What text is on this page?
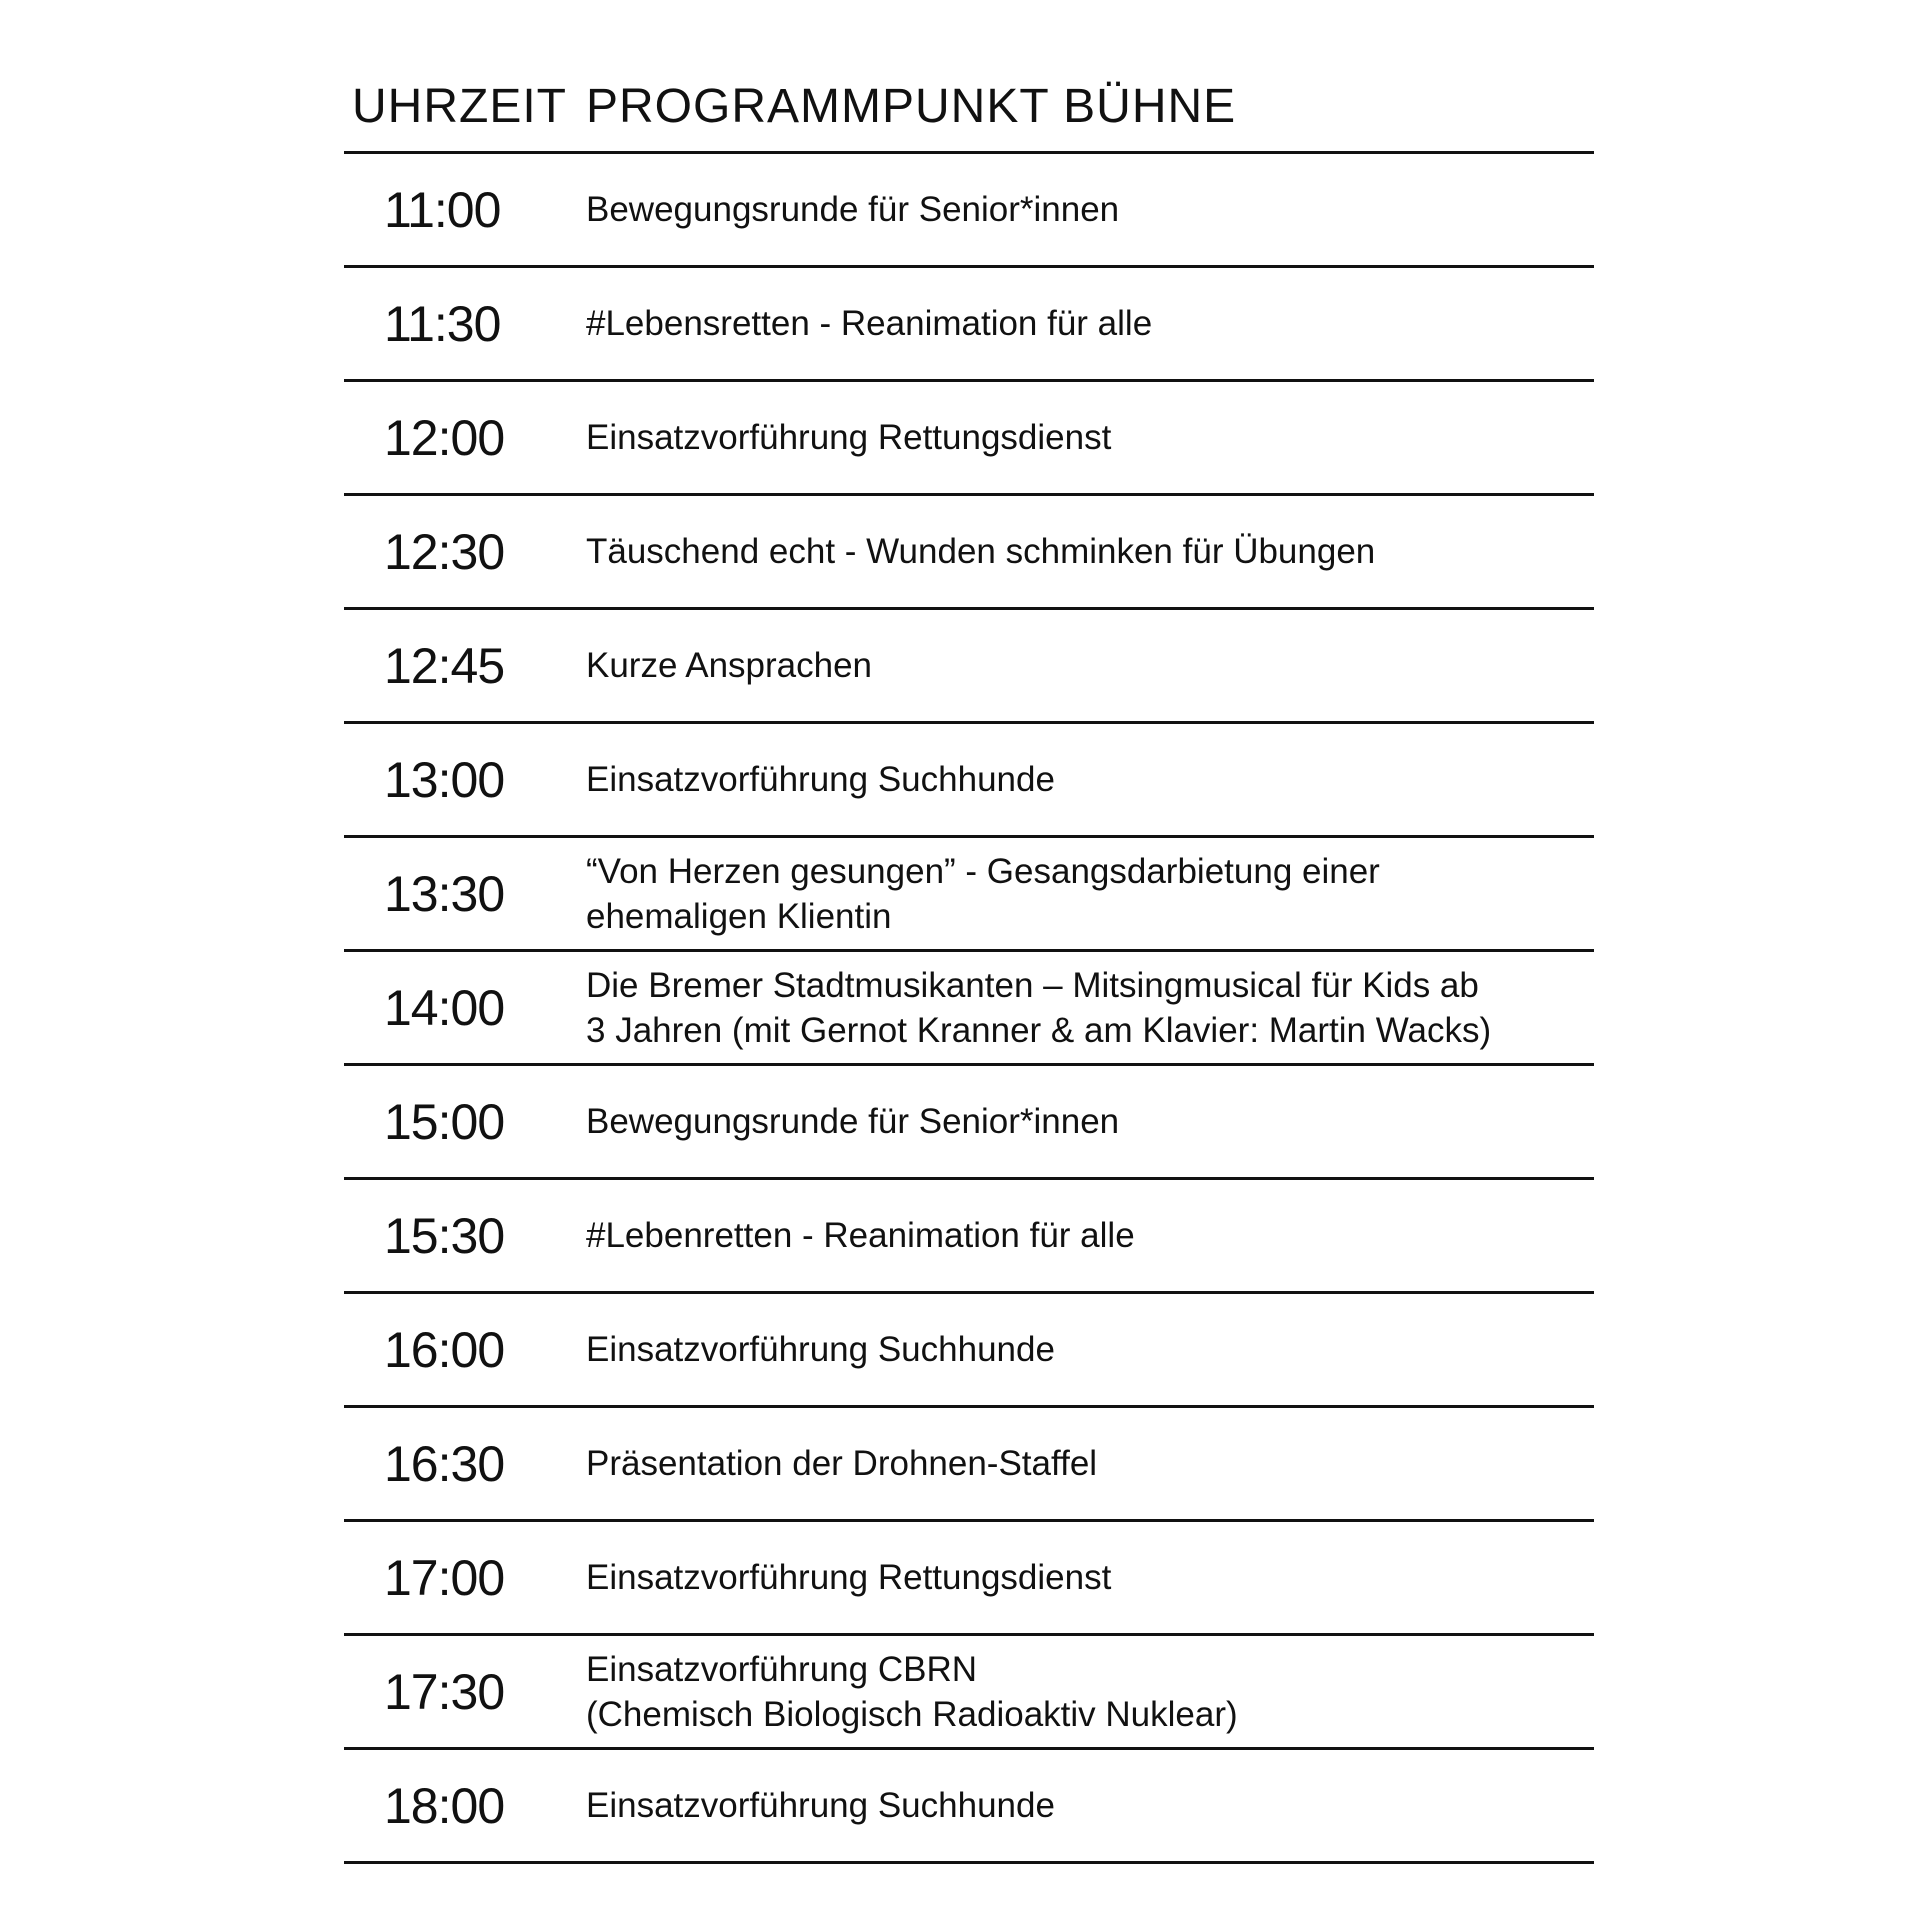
UHRZEIT PROGRAMMPUNKT BÜHNE
11:00	Bewegungsrunde für Senior*innen
11:30	#Lebensretten - Reanimation für alle
12:00	Einsatzvorführung Rettungsdienst
12:30	Täuschend echt - Wunden schminken für Übungen
12:45	Kurze Ansprachen
13:00	Einsatzvorführung Suchhunde
13:30	“Von Herzen gesungen” - Gesangsdarbietung einer
ehemaligen Klientin
14:00	Die Bremer Stadtmusikanten – Mitsingmusical für Kids ab
3 Jahren (mit Gernot Kranner & am Klavier: Martin Wacks)
15:00	Bewegungsrunde für Senior*innen
15:30	#Lebenretten - Reanimation für alle
16:00	Einsatzvorführung Suchhunde
16:30	Präsentation der Drohnen-Staffel
17:00	Einsatzvorführung Rettungsdienst
17:30	Einsatzvorführung CBRN
(Chemisch Biologisch Radioaktiv Nuklear)
18:00	Einsatzvorführung Suchhunde
